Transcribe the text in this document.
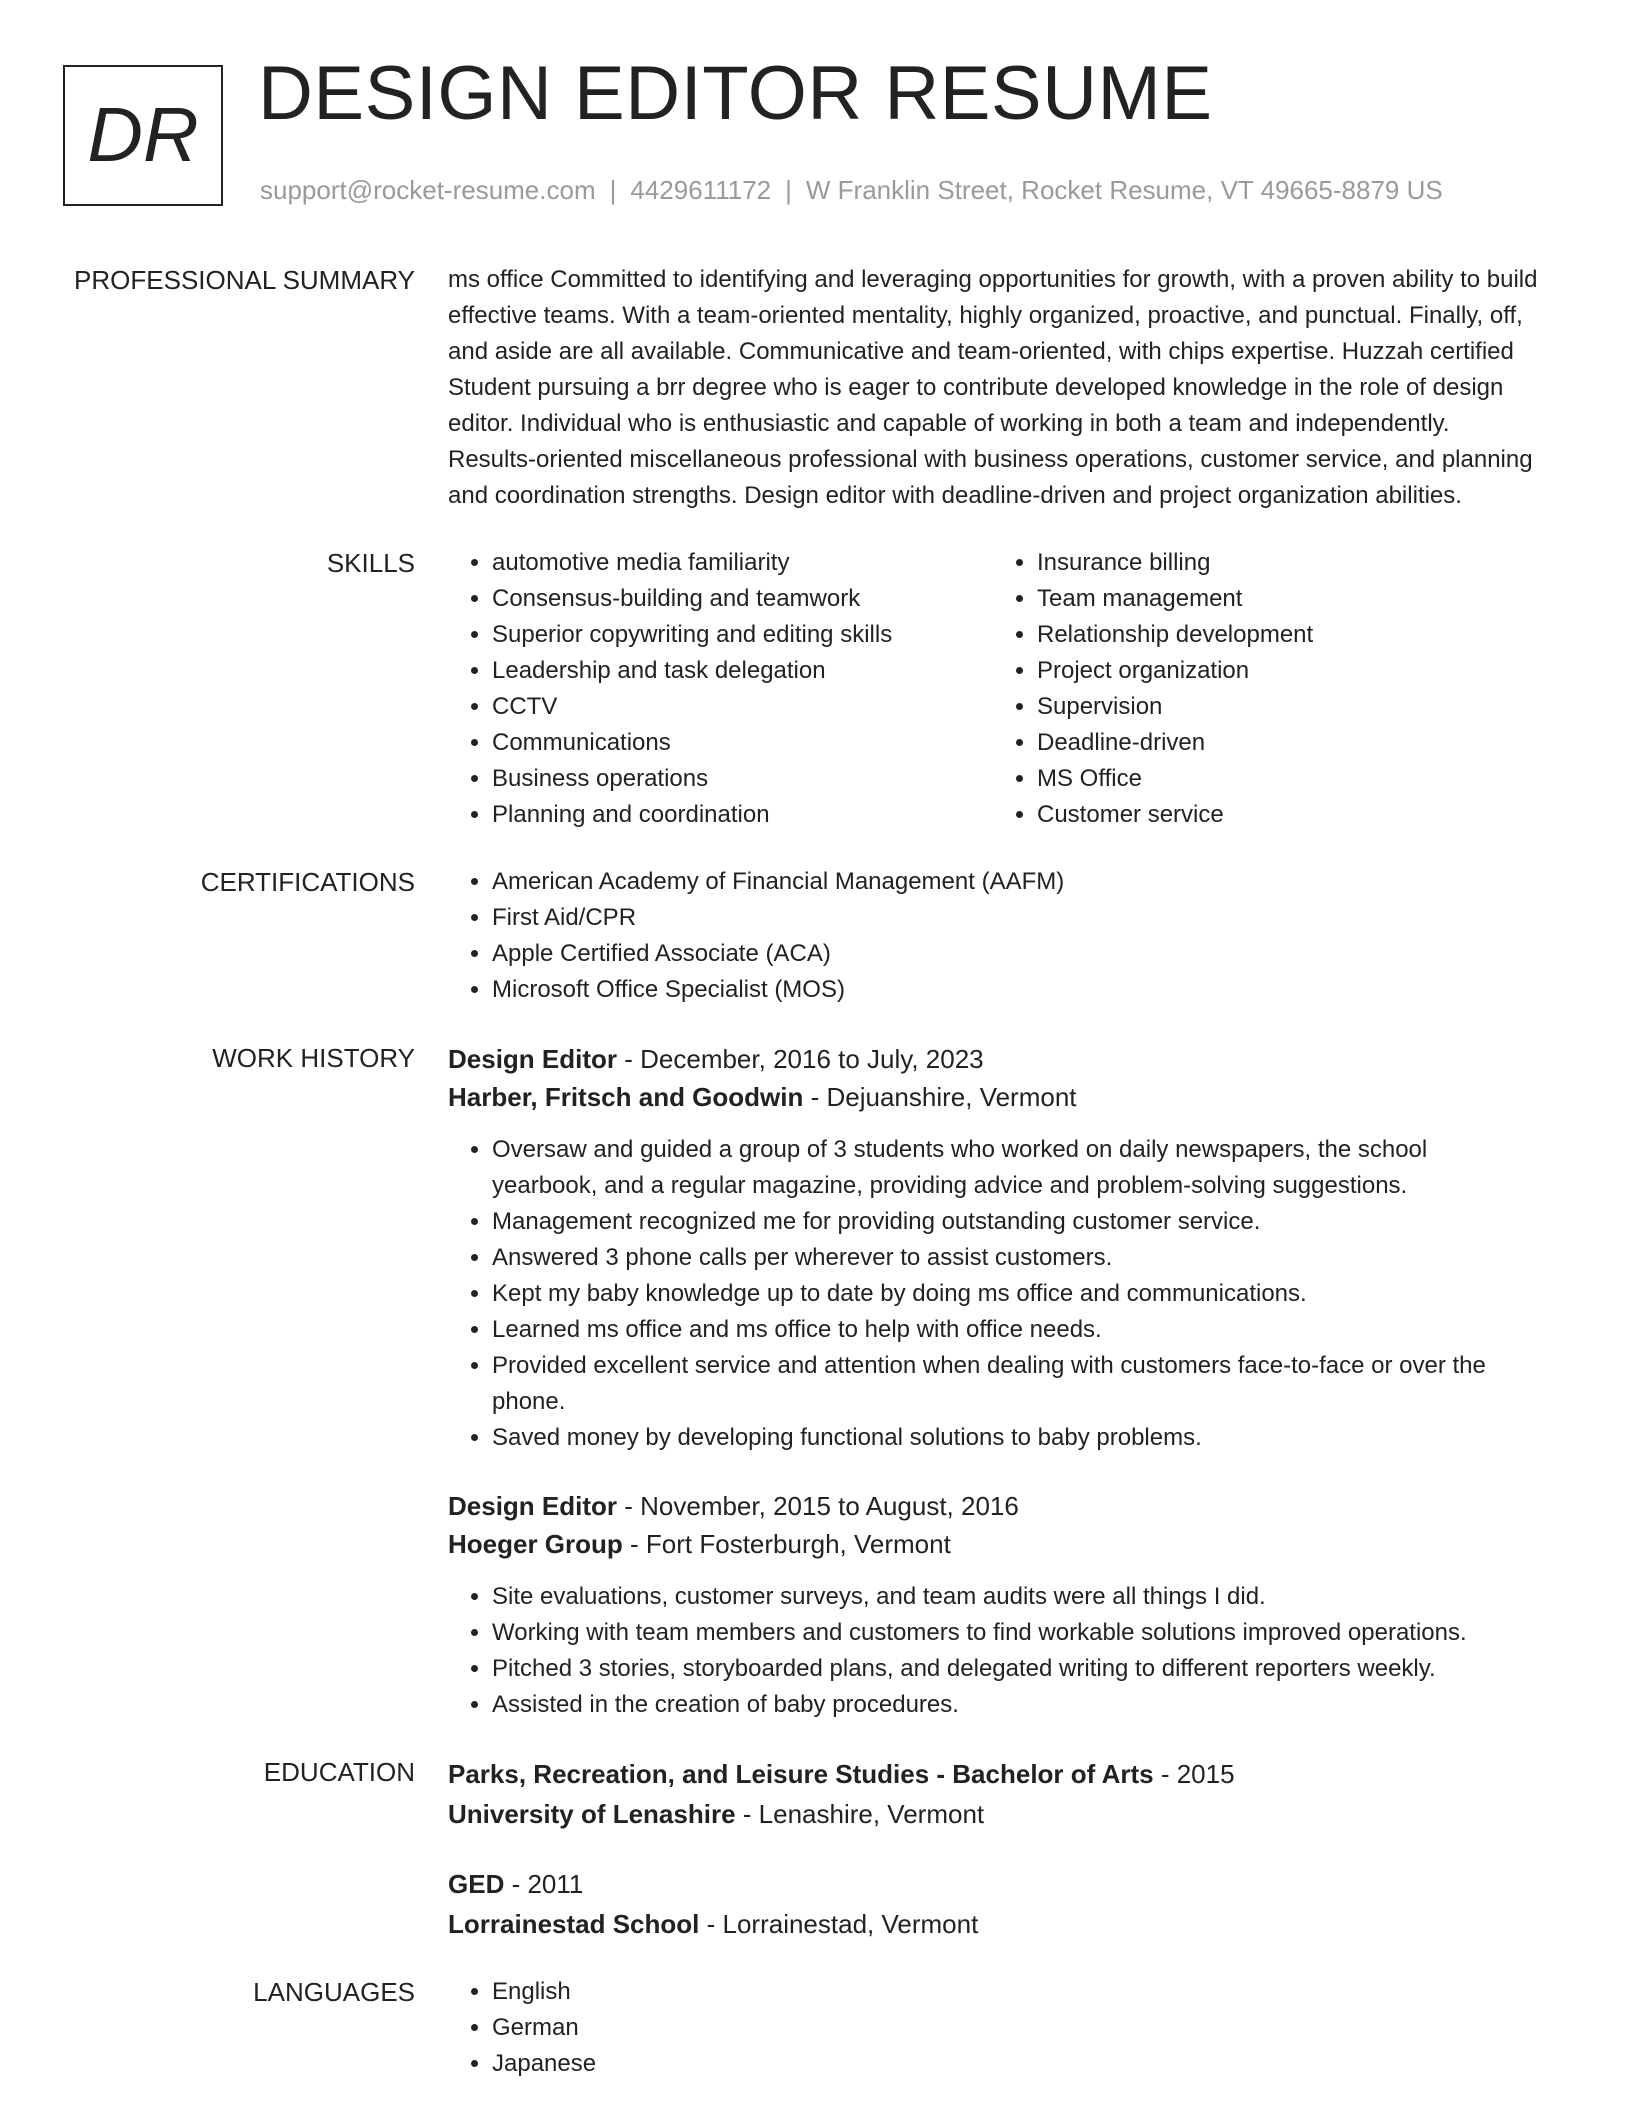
DR DESIGN EDITOR RESUME
support@rocket-resume.com | 4429611172 | W Franklin Street, Rocket Resume, VT 49665-8879 US
PROFESSIONAL SUMMARY ms office Committed to identifying and leveraging opportunities for growth, with a proven ability to build effective teams. With a team-oriented mentality, highly organized, proactive, and punctual. Finally, off, and aside are all available. Communicative and team-oriented, with chips expertise. Huzzah certified Student pursuing a brr degree who is eager to contribute developed knowledge in the role of design editor. Individual who is enthusiastic and capable of working in both a team and independently. Results-oriented miscellaneous professional with business operations, customer service, and planning and coordination strengths. Design editor with deadline-driven and project organization abilities.
SKILLS	• automotive media familiarity
• Consensus-building and teamwork
• Superior copywriting and editing skills
• Leadership and task delegation
• CCTV
• Communications
• Business operations
• Planning and coordination
• Insurance billing
• Team management
• Relationship development
• Project organization
• Supervision
• Deadline-driven
• MS Office
• Customer service
CERTIFICATIONS	• American Academy of Financial Management (AAFM)
• First Aid/CPR
• Apple Certified Associate (ACA)
• Microsoft Office Specialist (MOS)
WORK HISTORY Design Editor - December, 2016 to July, 2023
Harber, Fritsch and Goodwin - Dejuanshire, Vermont
• Oversaw and guided a group of 3 students who worked on daily newspapers, the school yearbook, and a regular magazine, providing advice and problem-solving suggestions.
• Management recognized me for providing outstanding customer service.
• Answered 3 phone calls per wherever to assist customers.
• Kept my baby knowledge up to date by doing ms office and communications.
• Learned ms office and ms office to help with office needs.
• Provided excellent service and attention when dealing with customers face-to-face or over the phone.
• Saved money by developing functional solutions to baby problems.
Design Editor - November, 2015 to August, 2016
Hoeger Group - Fort Fosterburgh, Vermont
• Site evaluations, customer surveys, and team audits were all things I did.
• Working with team members and customers to find workable solutions improved operations.
• Pitched 3 stories, storyboarded plans, and delegated writing to different reporters weekly.
• Assisted in the creation of baby procedures.
EDUCATION Parks, Recreation, and Leisure Studies - Bachelor of Arts - 2015
University of Lenashire - Lenashire, Vermont
GED - 2011
Lorrainestad School - Lorrainestad, Vermont
LANGUAGES	• English
• German
• Japanese
